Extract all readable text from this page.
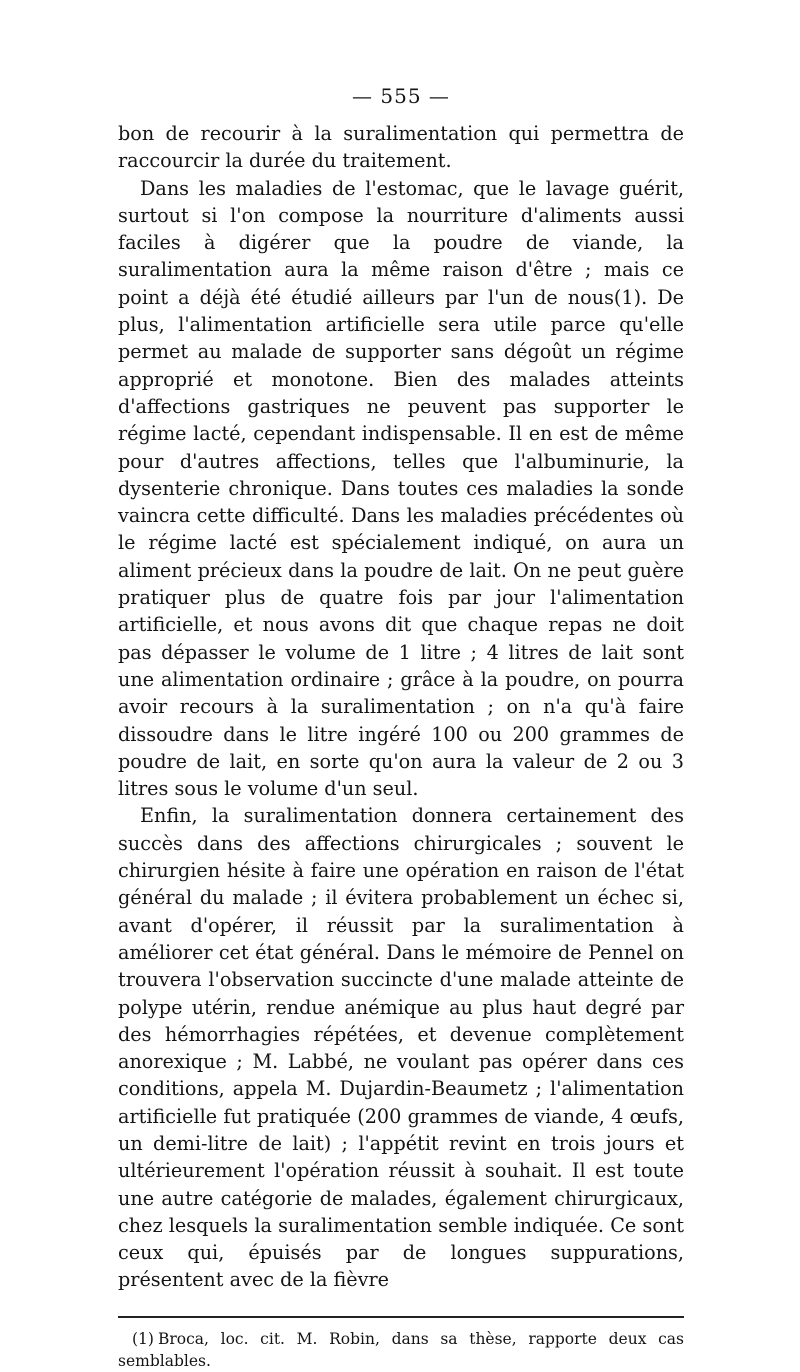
— 555 —

bon de recourir à la suralimentation qui permettra de raccourcir la durée du traitement.

Dans les maladies de l'estomac, que le lavage guérit, surtout si l'on compose la nourriture d'aliments aussi faciles à digérer que la poudre de viande, la suralimentation aura la même raison d'être ; mais ce point a déjà été étudié ailleurs par l'un de nous(1). De plus, l'alimentation artificielle sera utile parce qu'elle permet au malade de supporter sans dégoût un régime approprié et monotone. Bien des malades atteints d'affections gastriques ne peuvent pas supporter le régime lacté, cependant indispensable. Il en est de même pour d'autres affections, telles que l'albuminurie, la dysenterie chronique. Dans toutes ces maladies la sonde vaincra cette difficulté. Dans les maladies précédentes où le régime lacté est spécialement indiqué, on aura un aliment précieux dans la poudre de lait. On ne peut guère pratiquer plus de quatre fois par jour l'alimentation artificielle, et nous avons dit que chaque repas ne doit pas dépasser le volume de 1 litre ; 4 litres de lait sont une alimentation ordinaire ; grâce à la poudre, on pourra avoir recours à la suralimentation ; on n'a qu'à faire dissoudre dans le litre ingéré 100 ou 200 grammes de poudre de lait, en sorte qu'on aura la valeur de 2 ou 3 litres sous le volume d'un seul.

Enfin, la suralimentation donnera certainement des succès dans des affections chirurgicales ; souvent le chirurgien hésite à faire une opération en raison de l'état général du malade ; il évitera probablement un échec si, avant d'opérer, il réussit par la suralimentation à améliorer cet état général. Dans le mémoire de Pennel on trouvera l'observation succincte d'une malade atteinte de polype utérin, rendue anémique au plus haut degré par des hémorrhagies répétées, et devenue complètement anorexique ; M. Labbé, ne voulant pas opérer dans ces conditions, appela M. Dujardin-Beaumetz ; l'alimentation artificielle fut pratiquée (200 grammes de viande, 4 œufs, un demi-litre de lait) ; l'appétit revint en trois jours et ultérieurement l'opération réussit à souhait. Il est toute une autre catégorie de malades, également chirurgicaux, chez lesquels la suralimentation semble indiquée. Ce sont ceux qui, épuisés par de longues suppurations, présentent avec de la fièvre

(1) Broca, loc. cit. M. Robin, dans sa thèse, rapporte deux cas semblables.
